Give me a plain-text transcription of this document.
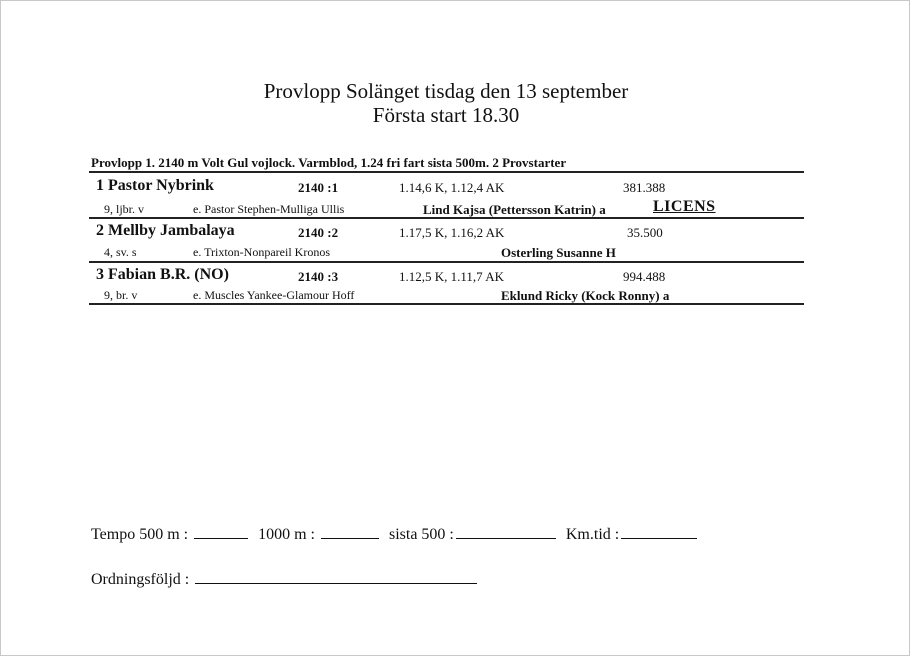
Provlopp Solänget tisdag den 13 september
Första start 18.30
Provlopp 1. 2140 m Volt Gul vojlock. Varmblod, 1.24 fri fart sista 500m. 2 Provstarter
1 Pastor Nybrink	2140 :1	1.14,6 K, 1.12,4 AK	381.388
9, ljbr. v	e. Pastor Stephen-Mulliga Ullis	Lind Kajsa (Pettersson Katrin) a	LICENS
2 Mellby Jambalaya	2140 :2	1.17,5 K, 1.16,2 AK	35.500
4, sv. s	e. Trixton-Nonpareil Kronos	Osterling Susanne H
3 Fabian B.R. (NO)	2140 :3	1.12,5 K, 1.11,7 AK	994.488
9, br. v	e. Muscles Yankee-Glamour Hoff	Eklund Ricky (Kock Ronny) a
Tempo 500 m :	1000 m :	sista 500 :	Km.tid :
Ordningsföljd :
